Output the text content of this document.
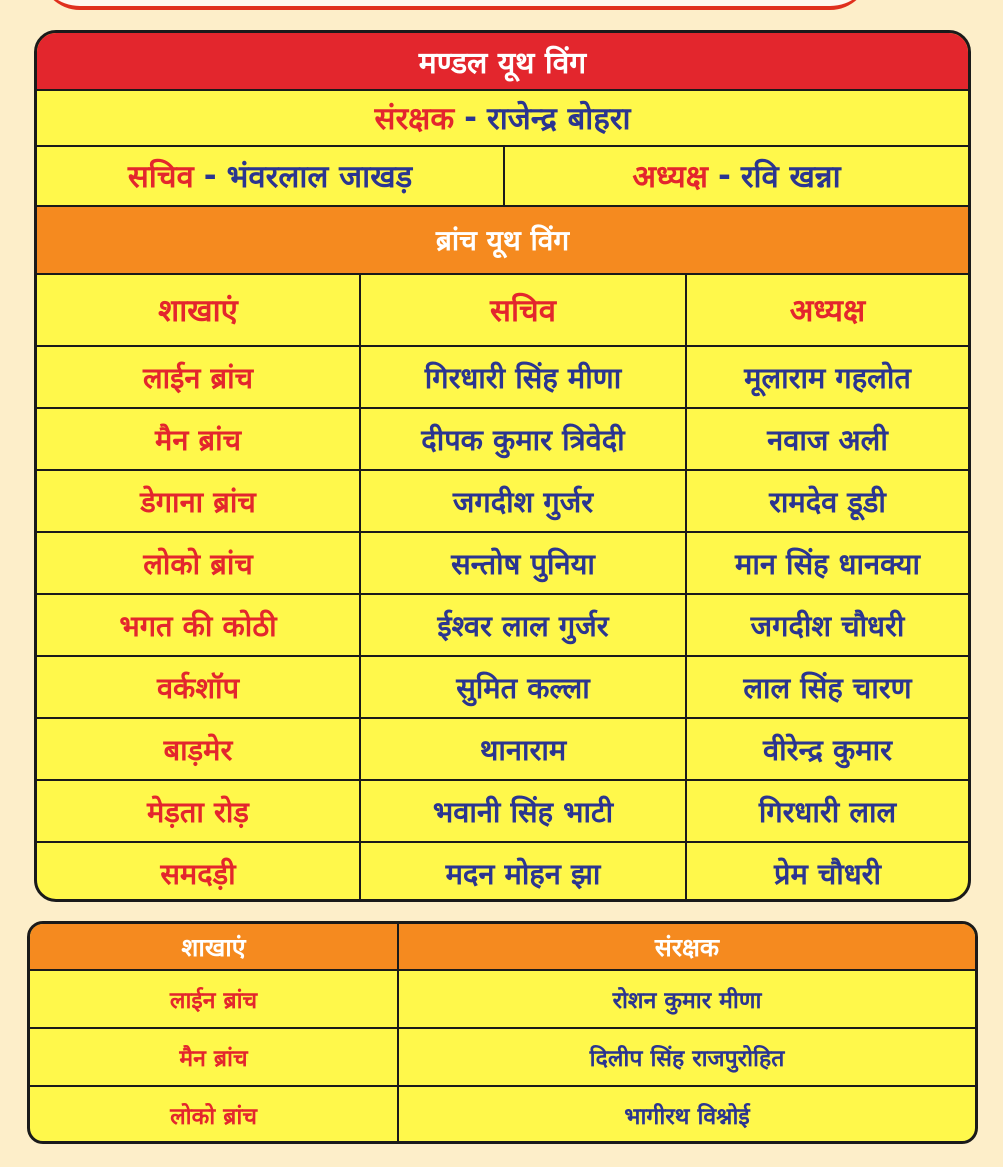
मण्डल यूथ विंग
संरक्षक - राजेन्द्र बोहरा
सचिव - भंवरलाल जाखड़	अध्यक्ष - रवि खन्ना
ब्रांच यूथ विंग
शाखाएं	सचिव	अध्यक्ष
लाईन ब्रांच	गिरधारी सिंह मीणा	मूलाराम गहलोत
मैन ब्रांच	दीपक कुमार त्रिवेदी	नवाज अली
डेगाना ब्रांच	जगदीश गुर्जर	रामदेव डूडी
लोको ब्रांच	सन्तोष पुनिया	मान सिंह धानक्या
भगत की कोठी	ईश्वर लाल गुर्जर	जगदीश चौधरी
वर्कशॉप	सुमित कल्ला	लाल सिंह चारण
बाड़मेर	थानाराम	वीरेन्द्र कुमार
मेड़ता रोड़	भवानी सिंह भाटी	गिरधारी लाल
समदड़ी	मदन मोहन झा	प्रेम चौधरी
शाखाएं	संरक्षक
लाईन ब्रांच	रोशन कुमार मीणा
मैन ब्रांच	दिलीप सिंह राजपुरोहित
लोको ब्रांच	भागीरथ विश्नोई
